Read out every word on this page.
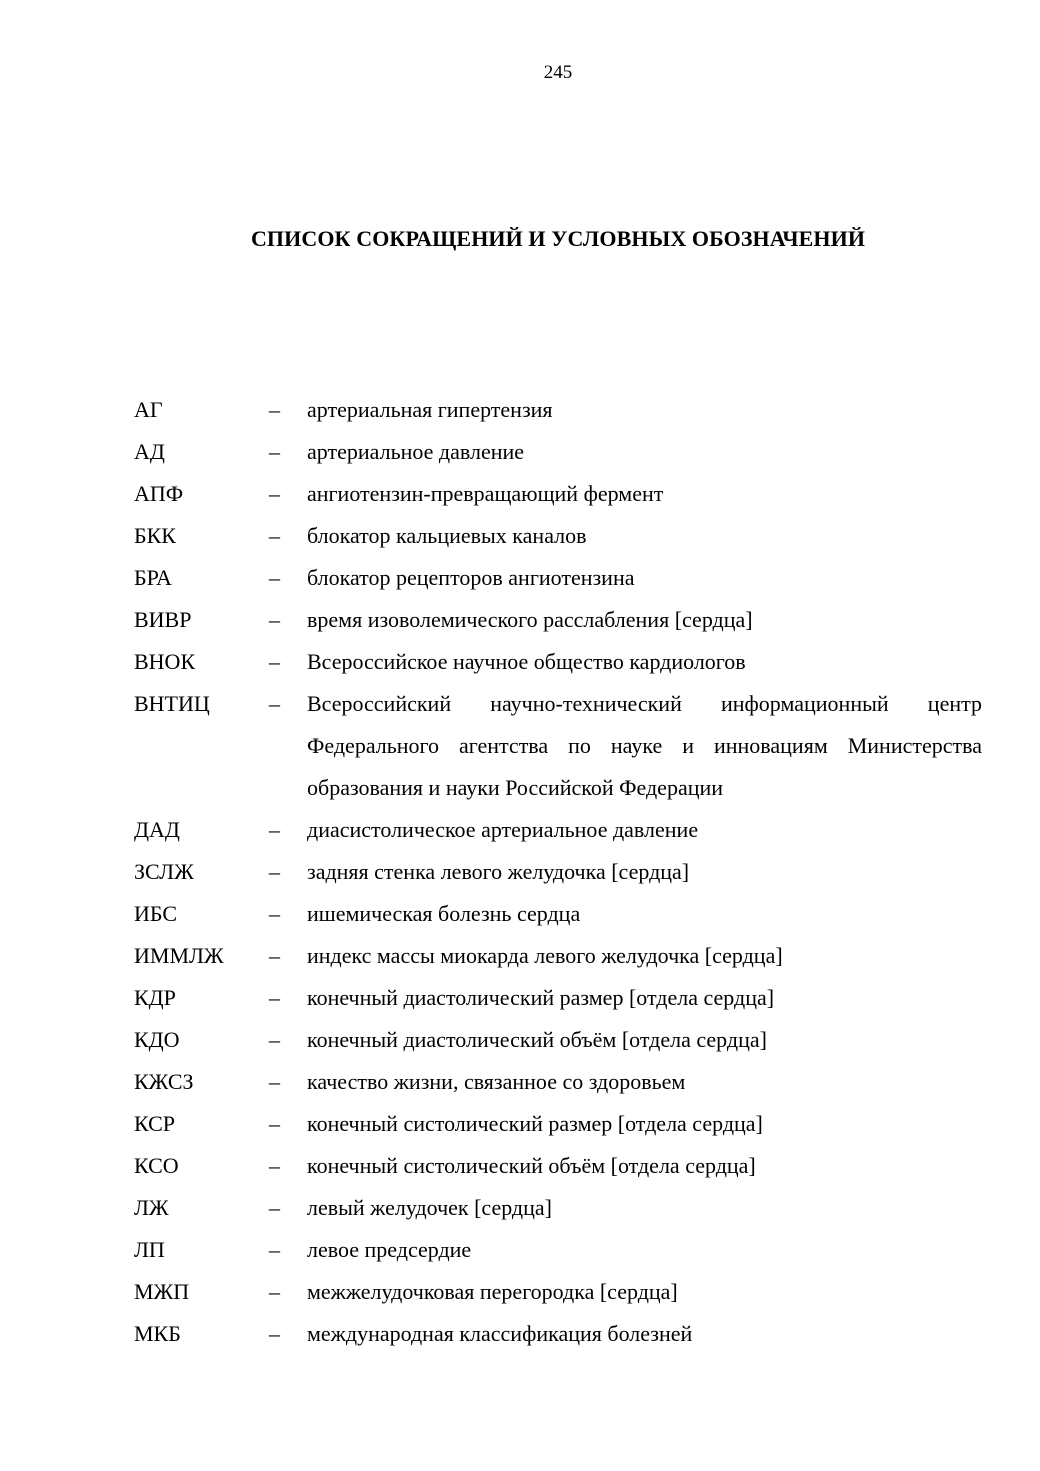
245
СПИСОК СОКРАЩЕНИЙ И УСЛОВНЫХ ОБОЗНАЧЕНИЙ
АГ	–	артериальная гипертензия
АД	–	артериальное давление
АПФ	–	ангиотензин-превращающий фермент
БКК	–	блокатор кальциевых каналов
БРА	–	блокатор рецепторов ангиотензина
ВИВР	–	время изоволемического расслабления [сердца]
ВНОК	–	Всероссийское научное общество кардиологов
ВНТИЦ	–	Всероссийский научно-технический информационный центр Федерального агентства по науке и инновациям Министерства образования и науки Российской Федерации
ДАД	–	диасистолическое артериальное давление
ЗСЛЖ	–	задняя стенка левого желудочка [сердца]
ИБС	–	ишемическая болезнь сердца
ИММЛЖ	–	индекс массы миокарда левого желудочка [сердца]
КДР	–	конечный диастолический размер [отдела сердца]
КДО	–	конечный диастолический объём [отдела сердца]
КЖСЗ	–	качество жизни, связанное со здоровьем
КСР	–	конечный систолический размер [отдела сердца]
КСО	–	конечный систолический объём [отдела сердца]
ЛЖ	–	левый желудочек [сердца]
ЛП	–	левое предсердие
МЖП	–	межжелудочковая перегородка [сердца]
МКБ	–	международная классификация болезней
